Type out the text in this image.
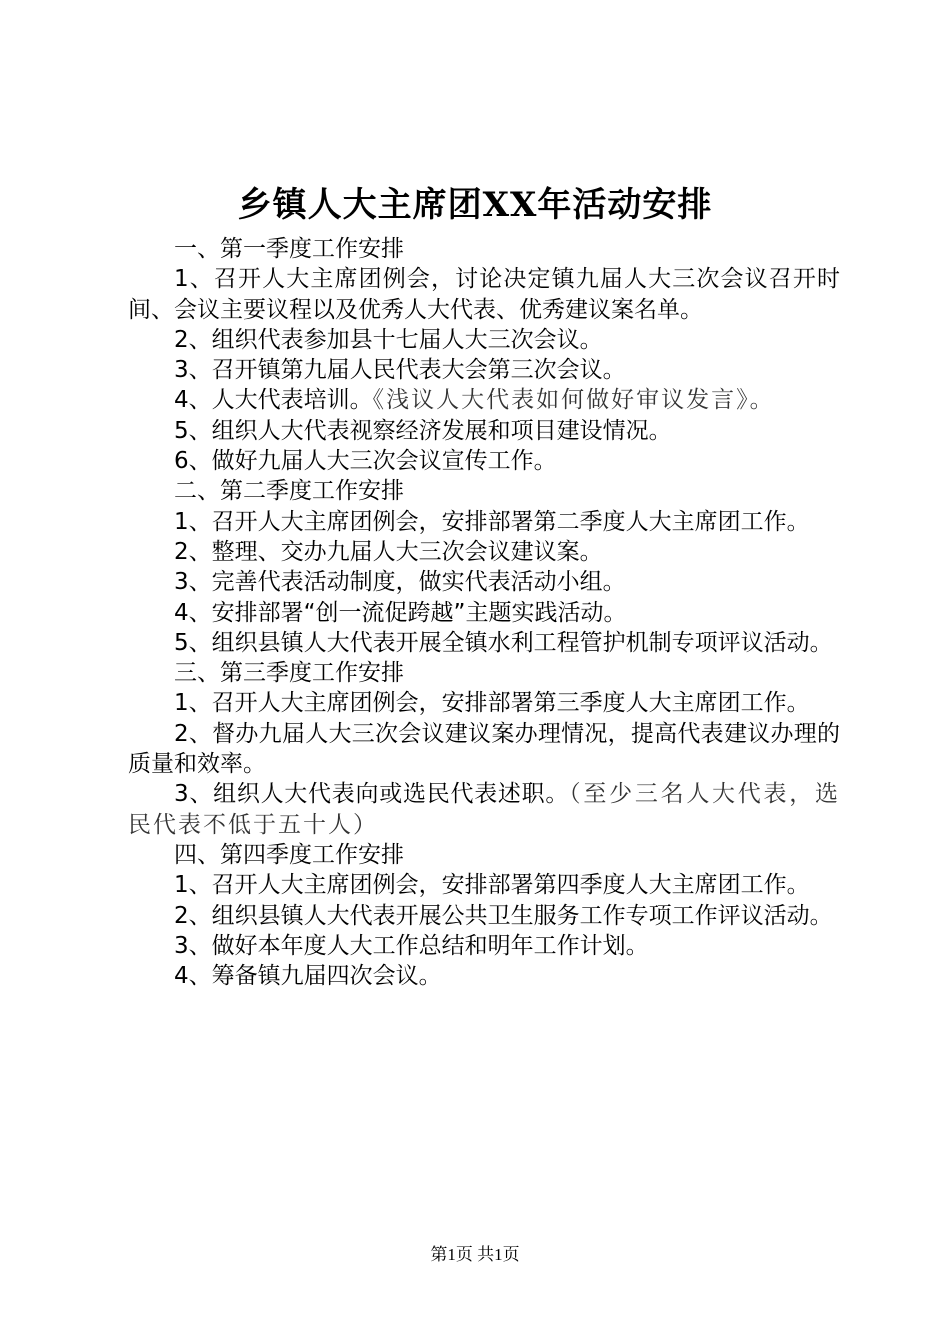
乡镇人大主席团XX年活动安排

一、第一季度工作安排

1、召开人大主席团例会，讨论决定镇九届人大三次会议召开时间、会议主要议程以及优秀人大代表、优秀建议案名单。

2、组织代表参加县十七届人大三次会议。

3、召开镇第九届人民代表大会第三次会议。

4、人大代表培训。《浅议人大代表如何做好审议发言》。

5、组织人大代表视察经济发展和项目建设情况。

6、做好九届人大三次会议宣传工作。

二、第二季度工作安排

1、召开人大主席团例会，安排部署第二季度人大主席团工作。

2、整理、交办九届人大三次会议建议案。

3、完善代表活动制度，做实代表活动小组。

4、安排部署“创一流促跨越”主题实践活动。

5、组织县镇人大代表开展全镇水利工程管护机制专项评议活动。

三、第三季度工作安排

1、召开人大主席团例会，安排部署第三季度人大主席团工作。

2、督办九届人大三次会议建议案办理情况，提高代表建议办理的质量和效率。

3、组织人大代表向或选民代表述职。（至少三名人大代表，选民代表不低于五十人）

四、第四季度工作安排

1、召开人大主席团例会，安排部署第四季度人大主席团工作。

2、组织县镇人大代表开展公共卫生服务工作专项工作评议活动。

3、做好本年度人大工作总结和明年工作计划。

4、筹备镇九届四次会议。

第1页 共1页
